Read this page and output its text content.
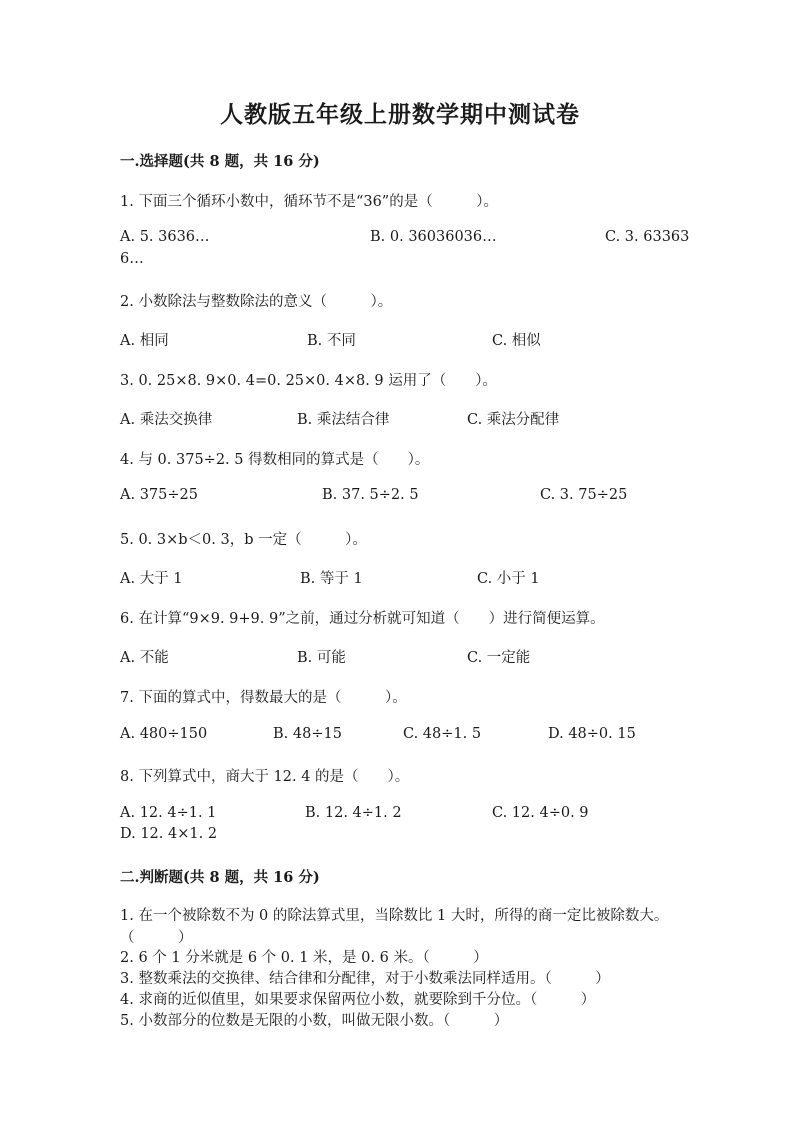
人教版五年级上册数学期中测试卷
一.选择题(共 8 题，共 16 分)
1. 下面三个循环小数中，循环节不是“36”的是（　　　）。
A. 5. 3636…	B. 0. 36036036…	C. 3. 63363
6…
2. 小数除法与整数除法的意义（　　　）。
A. 相同	B. 不同	C. 相似
3. 0. 25×8. 9×0. 4=0. 25×0. 4×8. 9 运用了（　　）。
A. 乘法交换律	B. 乘法结合律	C. 乘法分配律
4. 与 0. 375÷2. 5 得数相同的算式是（　　）。
A. 375÷25	B. 37. 5÷2. 5	C. 3. 75÷25
5. 0. 3×b＜0. 3，b 一定（　　　）。
A. 大于 1	B. 等于 1	C. 小于 1
6. 在计算“9×9. 9+9. 9”之前，通过分析就可知道（　　）进行简便运算。
A. 不能	B. 可能	C. 一定能
7. 下面的算式中，得数最大的是（　　　）。
A. 480÷150	B. 48÷15	C. 48÷1. 5	D. 48÷0. 15
8. 下列算式中，商大于 12. 4 的是（　　）。
A. 12. 4÷1. 1	B. 12. 4÷1. 2	C. 12. 4÷0. 9
D. 12. 4×1. 2
二.判断题(共 8 题，共 16 分)
1. 在一个被除数不为 0 的除法算式里，当除数比 1 大时，所得的商一定比被除数大。（　　　）
2. 6 个 1 分米就是 6 个 0. 1 米，是 0. 6 米。（　　　）
3. 整数乘法的交换律、结合律和分配律，对于小数乘法同样适用。（　　　）
4. 求商的近似值里，如果要求保留两位小数，就要除到千分位。（　　　）
5. 小数部分的位数是无限的小数，叫做无限小数。（　　　）
